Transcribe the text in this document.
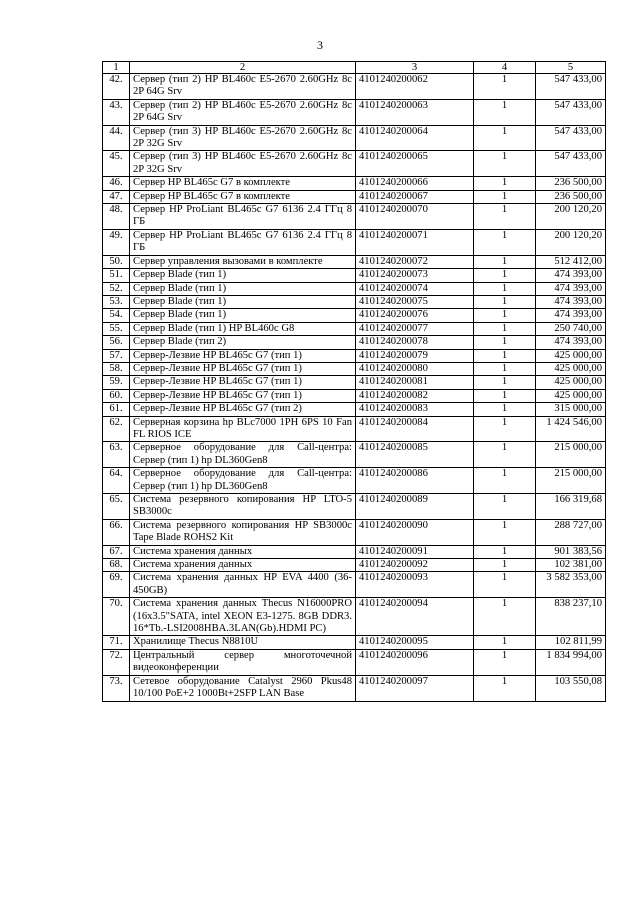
3
1	2	3	4	5
42.	Сервер (тип 2) HP BL460c E5-2670 2.60GHz 8c 2P 64G Srv	4101240200062	1	547 433,00
43.	Сервер (тип 2) HP BL460c E5-2670 2.60GHz 8c 2P 64G Srv	4101240200063	1	547 433,00
44.	Сервер (тип 3) HP BL460c E5-2670 2.60GHz 8c 2P 32G Srv	4101240200064	1	547 433,00
45.	Сервер (тип 3) HP BL460c E5-2670 2.60GHz 8c 2P 32G Srv	4101240200065	1	547 433,00
46.	Сервер HP BL465c G7 в комплекте	4101240200066	1	236 500,00
47.	Сервер HP BL465c G7 в комплекте	4101240200067	1	236 500,00
48.	Сервер HP ProLiant BL465c G7 6136 2.4 ГГц 8 ГБ	4101240200070	1	200 120,20
49.	Сервер HP ProLiant BL465c G7 6136 2.4 ГГц 8 ГБ	4101240200071	1	200 120,20
50.	Сервер управления вызовами в комплекте	4101240200072	1	512 412,00
51.	Сервер Blade (тип 1)	4101240200073	1	474 393,00
52.	Сервер Blade (тип 1)	4101240200074	1	474 393,00
53.	Сервер Blade (тип 1)	4101240200075	1	474 393,00
54.	Сервер Blade (тип 1)	4101240200076	1	474 393,00
55.	Сервер Blade (тип 1) HP BL460c G8	4101240200077	1	250 740,00
56.	Сервер Blade (тип 2)	4101240200078	1	474 393,00
57.	Сервер-Лезвие HP BL465c G7 (тип 1)	4101240200079	1	425 000,00
58.	Сервер-Лезвие HP BL465c G7 (тип 1)	4101240200080	1	425 000,00
59.	Сервер-Лезвие HP BL465c G7 (тип 1)	4101240200081	1	425 000,00
60.	Сервер-Лезвие HP BL465c G7 (тип 1)	4101240200082	1	425 000,00
61.	Сервер-Лезвие HP BL465c G7 (тип 2)	4101240200083	1	315 000,00
62.	Серверная корзина hp BLc7000 1PH 6PS 10 Fan FL RIOS ICE	4101240200084	1	1 424 546,00
63.	Серверное оборудование для Call-центра: Сервер (тип 1) hp DL360Gen8	4101240200085	1	215 000,00
64.	Серверное оборудование для Call-центра: Сервер (тип 1) hp DL360Gen8	4101240200086	1	215 000,00
65.	Система резервного копирования HP LTO-5 SB3000c	4101240200089	1	166 319,68
66.	Система резервного копирования HP SB3000c Tape Blade ROHS2 Kit	4101240200090	1	288 727,00
67.	Система хранения данных	4101240200091	1	901 383,56
68.	Система хранения данных	4101240200092	1	102 381,00
69.	Система хранения данных HP EVA 4400 (36-450GB)	4101240200093	1	3 582 353,00
70.	Система хранения данных Thecus N16000PRO (16x3.5"SATA, intel XEON E3-1275. 8GB DDR3. 16*Tb.-LSI2008HBA.3LAN(Gb).HDMI PC)	4101240200094	1	838 237,10
71.	Хранилище Thecus N8810U	4101240200095	1	102 811,99
72.	Центральный сервер многоточечной видеоконференции	4101240200096	1	1 834 994,00
73.	Сетевое оборудование Catalyst 2960 Pkus48 10/100 PoE+2 1000Bt+2SFP LAN Base	4101240200097	1	103 550,08
